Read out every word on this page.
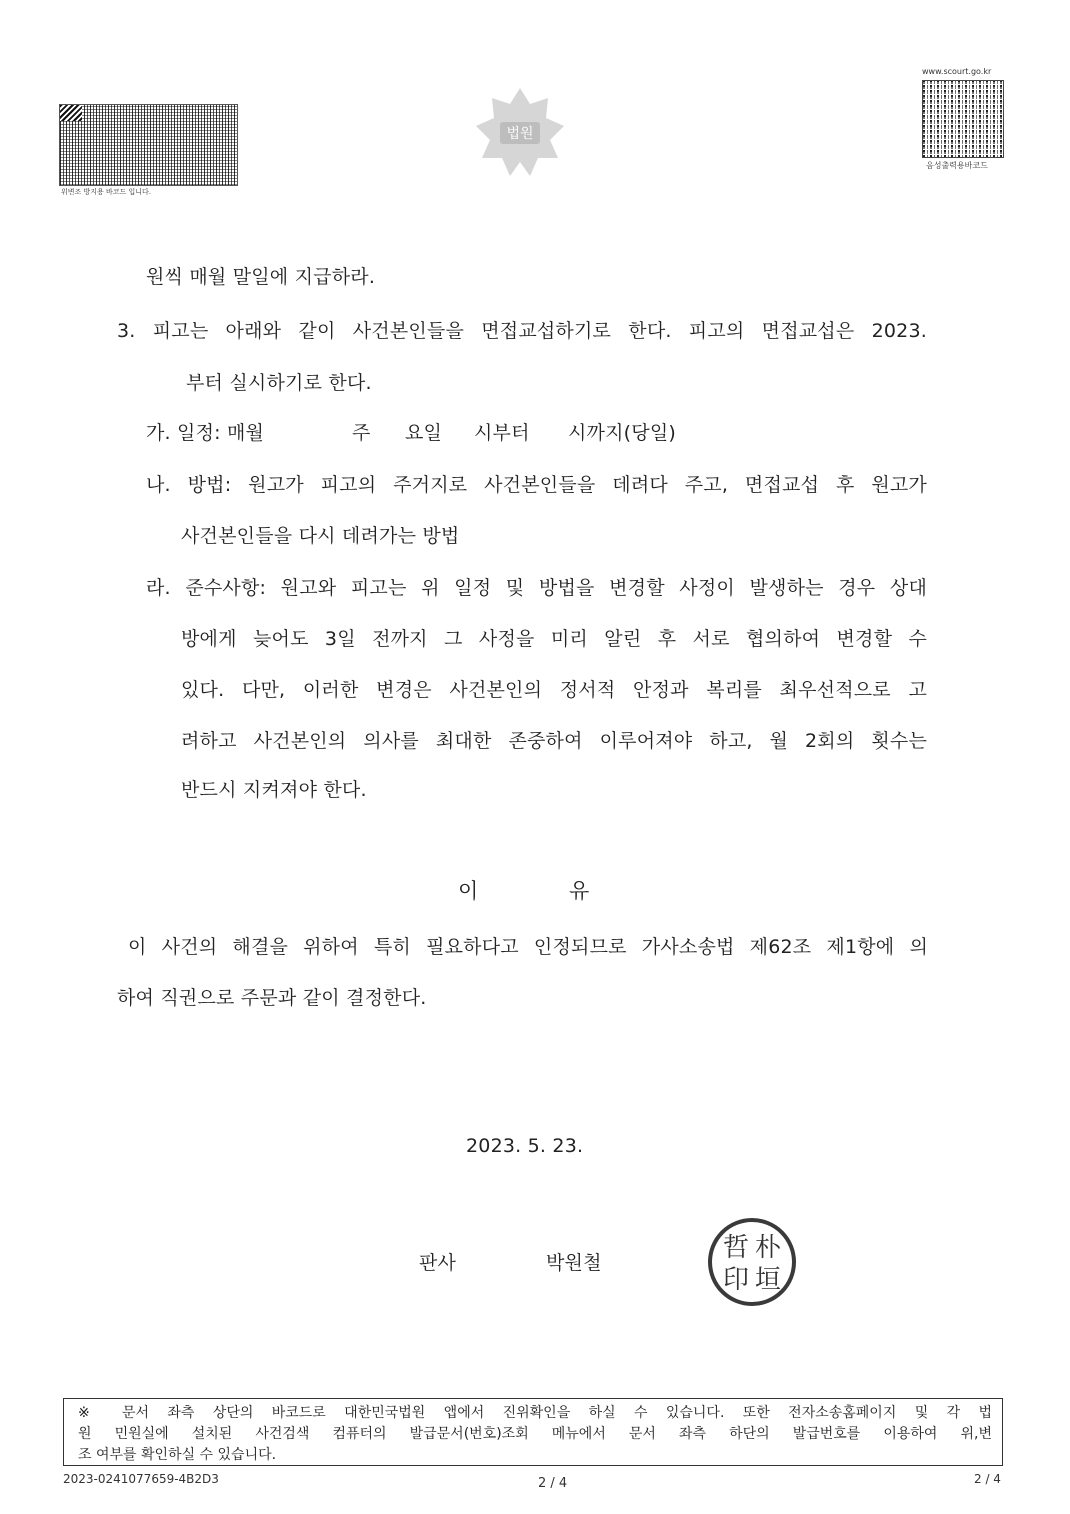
위변조 방지용 바코드 입니다.
법원
www.scourt.go.kr
음성출력용바코드
원씩 매월 말일에 지급하라.
3. 피고는 아래와 같이 사건본인들을 면접교섭하기로 한다. 피고의 면접교섭은 2023.
부터 실시하기로 한다.
가. 일정: 매월	주 요일 시부터 시까지(당일)
나. 방법: 원고가 피고의 주거지로 사건본인들을 데려다 주고, 면접교섭 후 원고가
사건본인들을 다시 데려가는 방법
라. 준수사항: 원고와 피고는 위 일정 및 방법을 변경할 사정이 발생하는 경우 상대
방에게 늦어도 3일 전까지 그 사정을 미리 알린 후 서로 협의하여 변경할 수
있다. 다만, 이러한 변경은 사건본인의 정서적 안정과 복리를 최우선적으로 고
려하고 사건본인의 의사를 최대한 존중하여 이루어져야 하고, 월 2회의 횟수는
반드시 지켜져야 한다.
이	유
이 사건의 해결을 위하여 특히 필요하다고 인정되므로 가사소송법 제62조 제1항에 의
하여 직권으로 주문과 같이 결정한다.
2023. 5. 23.
판사	박원철	朴
垣
哲
印
※ 문서 좌측 상단의 바코드로 대한민국법원 앱에서 진위확인을 하실 수 있습니다. 또한 전자소송홈페이지 및 각 법
원 민원실에 설치된 사건검색 컴퓨터의 발급문서(번호)조회 메뉴에서 문서 좌측 하단의 발급번호를 이용하여 위,변
조 여부를 확인하실 수 있습니다.
2023-0241077659-4B2D3	2 / 4	2 / 4
